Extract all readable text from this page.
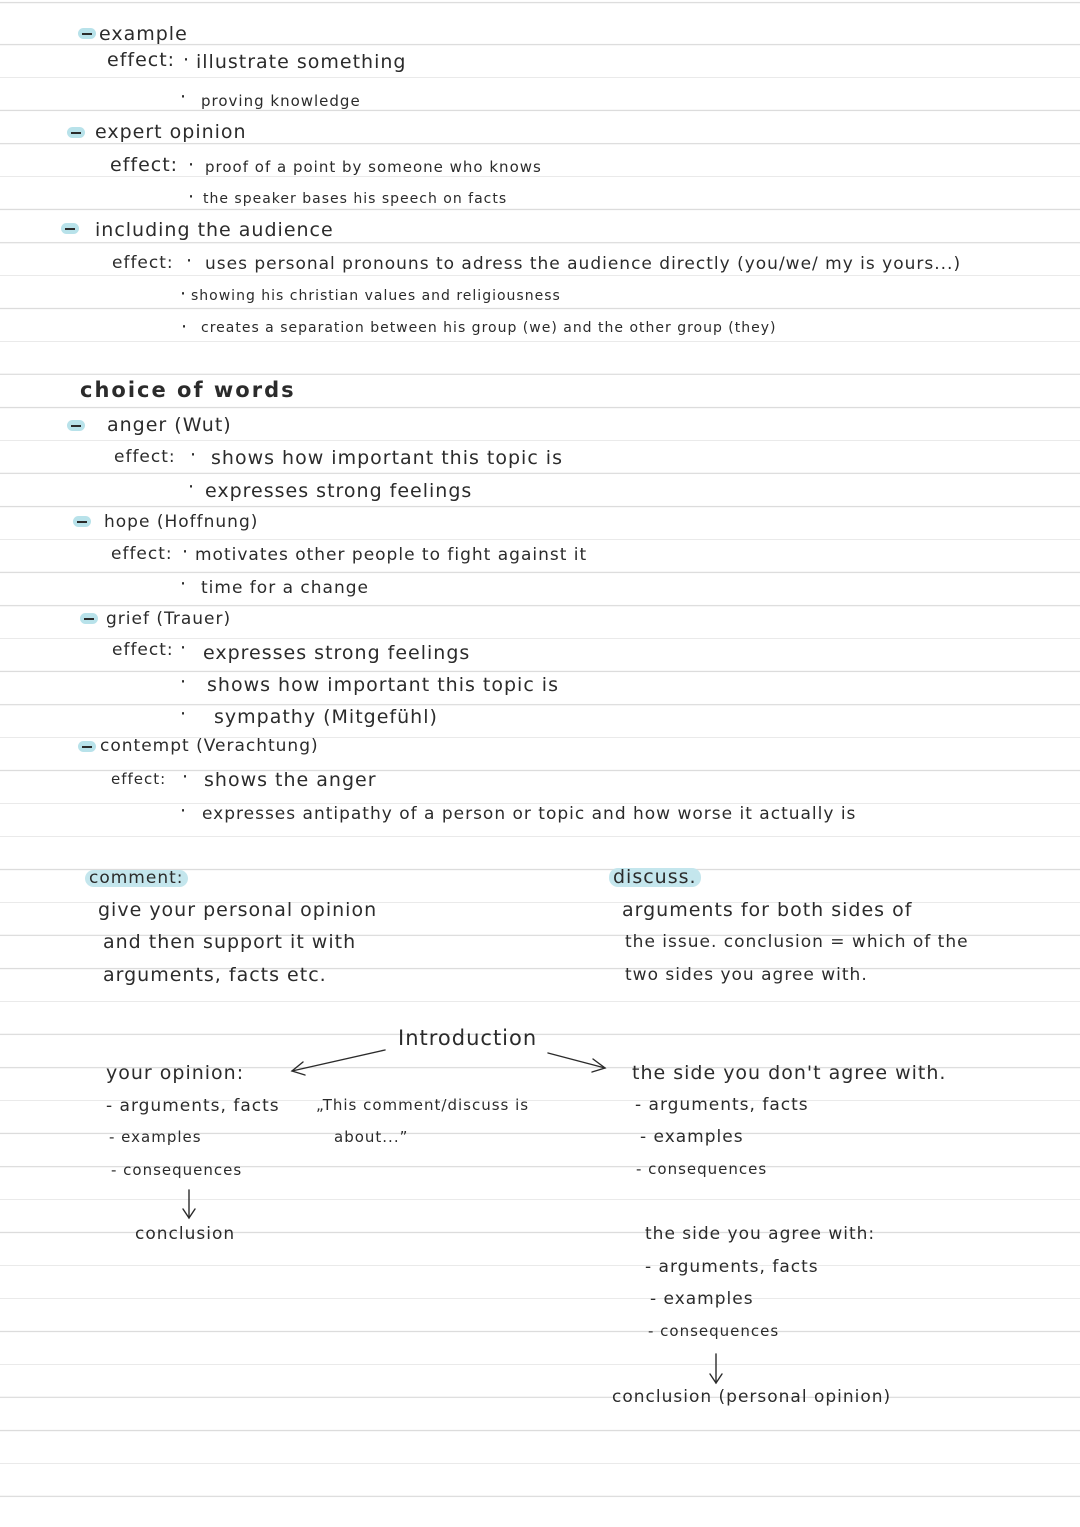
example
effect: · illustrate something
· proving knowledge
expert opinion
effect: · proof of a point by someone who knows
· the speaker bases his speech on facts
including the audience
effect: · uses personal pronouns to adress the audience directly (you/we/ my is yours...)
· showing his christian values and religiousness
· creates a separation between his group (we) and the other group (they)
choice of words
anger (Wut)
effect: · shows how important this topic is
· expresses strong feelings
hope (Hoffnung)
effect: · motivates other people to fight against it
· time for a change
grief (Trauer)
effect: · expresses strong feelings
· shows how important this topic is
· sympathy (Mitgefühl)
contempt (Verachtung)
effect: · shows the anger
· expresses antipathy of a person or topic and how worse it actually is
comment:
give your personal opinion
and then support it with
arguments, facts etc.
discuss.
arguments for both sides of
the issue. conclusion = which of the
two sides you agree with.
Introduction
„This comment/discuss is
about...”
your opinion:
- arguments, facts
- examples
- consequences
conclusion
the side you don't agree with.
- arguments, facts
- examples
- consequences
the side you agree with:
- arguments, facts
- examples
- consequences
conclusion (personal opinion)
